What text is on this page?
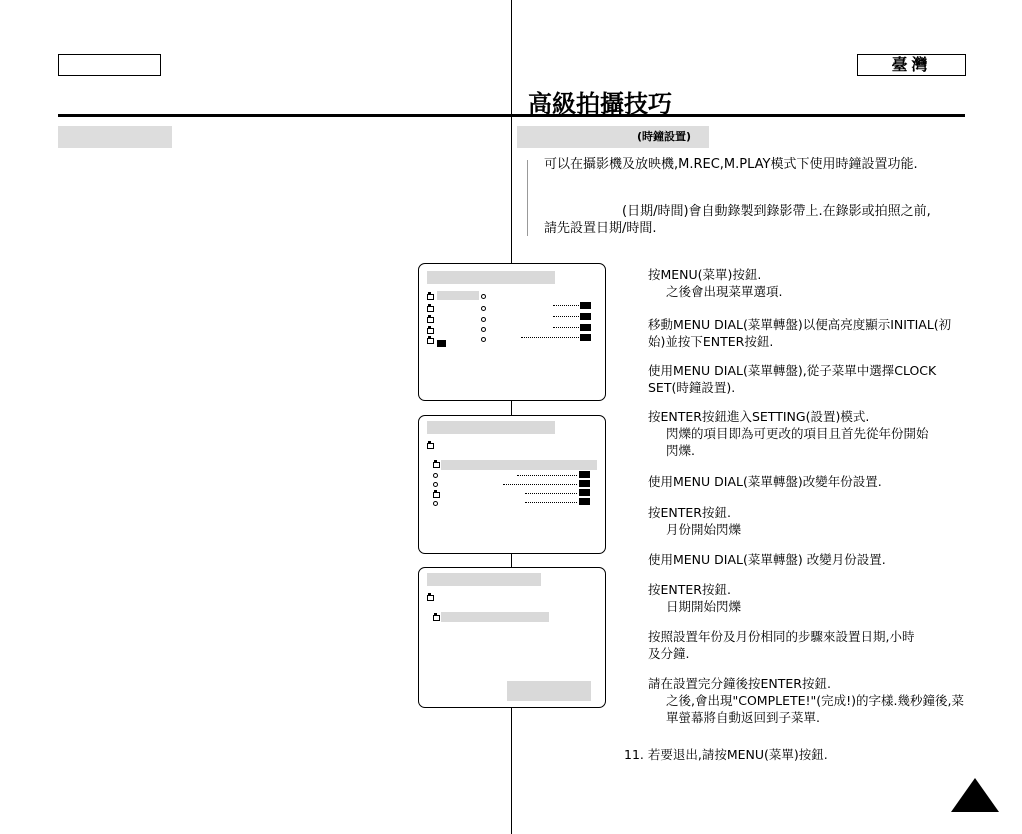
臺灣
高級拍攝技巧
(時鐘設置)
可以在攝影機及放映機,M.REC,M.PLAY模式下使用時鐘設置功能.
(日期/時間)會自動錄製到錄影帶上.在錄影或拍照之前,
請先設置日期/時間.
按MENU(菜單)按鈕.
之後會出現菜單選項.
移動MENU DIAL(菜單轉盤)以便高亮度顯示INITIAL(初
始)並按下ENTER按鈕.
使用MENU DIAL(菜單轉盤),從子菜單中選擇CLOCK
SET(時鐘設置).
按ENTER按鈕進入SETTING(設置)模式.
閃爍的項目即為可更改的項目且首先從年份開始
閃爍.
使用MENU DIAL(菜單轉盤)改變年份設置.
按ENTER按鈕.
月份開始閃爍
使用MENU DIAL(菜單轉盤) 改變月份設置.
按ENTER按鈕.
日期開始閃爍
按照設置年份及月份相同的步驟來設置日期,小時
及分鐘.
請在設置完分鐘後按ENTER按鈕.
之後,會出現"COMPLETE!"(完成!)的字樣.幾秒鐘後,菜
單螢幕將自動返回到子菜單.
11. 若要退出,請按MENU(菜單)按鈕.
